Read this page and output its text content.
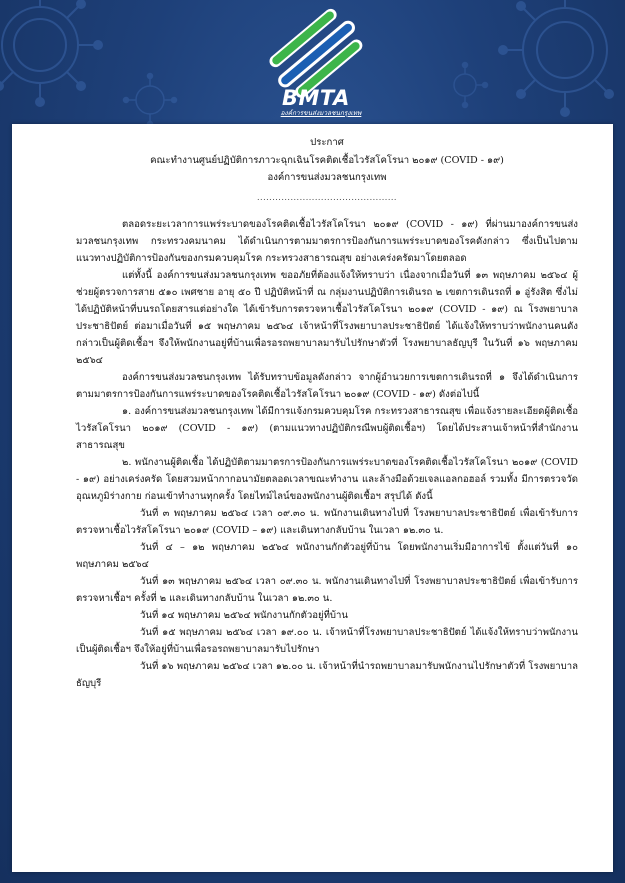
BMTA
องค์การขนส่งมวลชนกรุงเทพ
ประกาศ
คณะทำงานศูนย์ปฏิบัติการภาวะฉุกเฉินโรคติดเชื้อไวรัสโคโรนา ๒๐๑๙ (COVID - ๑๙)
องค์การขนส่งมวลชนกรุงเทพ
..............................................

ตลอดระยะเวลาการแพร่ระบาดของโรคติดเชื้อไวรัสโคโรนา ๒๐๑๙ (COVID - ๑๙) ที่ผ่านมาองค์การขนส่งมวลชนกรุงเทพ กระทรวงคมนาคม ได้ดำเนินการตามมาตรการป้องกันการแพร่ระบาดของโรคดังกล่าว ซึ่งเป็นไปตามแนวทางปฏิบัติการป้องกันของกรมควบคุมโรค กระทรวงสาธารณสุข อย่างเคร่งครัดมาโดยตลอด

แต่ทั้งนี้ องค์การขนส่งมวลชนกรุงเทพ ขออภัยที่ต้องแจ้งให้ทราบว่า เนื่องจากเมื่อวันที่ ๑๓ พฤษภาคม ๒๕๖๔ ผู้ช่วยผู้ตรวจการสาย ๕๑๐ เพศชาย อายุ ๕๐ ปี ปฏิบัติหน้าที่ ณ กลุ่มงานปฏิบัติการเดินรถ ๒ เขตการเดินรถที่ ๑ อู่รังสิต ซึ่งไม่ได้ปฏิบัติหน้าที่บนรถโดยสารแต่อย่างใด ได้เข้ารับการตรวจหาเชื้อไวรัสโคโรนา ๒๐๑๙ (COVID - ๑๙) ณ โรงพยาบาลประชาธิปัตย์ ต่อมาเมื่อวันที่ ๑๕ พฤษภาคม ๒๕๖๔ เจ้าหน้าที่โรงพยาบาลประชาธิปัตย์ ได้แจ้งให้ทราบว่าพนักงานคนดังกล่าวเป็นผู้ติดเชื้อฯ จึงให้พนักงานอยู่ที่บ้านเพื่อรอรถพยาบาลมารับไปรักษาตัวที่ โรงพยาบาลธัญบุรี ในวันที่ ๑๖ พฤษภาคม ๒๕๖๔

องค์การขนส่งมวลชนกรุงเทพ ได้รับทราบข้อมูลดังกล่าว จากผู้อำนวยการเขตการเดินรถที่ ๑ จึงได้ดำเนินการตามมาตรการป้องกันการแพร่ระบาดของโรคติดเชื้อไวรัสโคโรนา ๒๐๑๙ (COVID - ๑๙) ดังต่อไปนี้

๑. องค์การขนส่งมวลชนกรุงเทพ ได้มีการแจ้งกรมควบคุมโรค กระทรวงสาธารณสุข เพื่อแจ้งรายละเอียดผู้ติดเชื้อไวรัสโคโรนา ๒๐๑๙ (COVID - ๑๙) (ตามแนวทางปฏิบัติกรณีพบผู้ติดเชื้อฯ) โดยได้ประสานเจ้าหน้าที่สำนักงานสาธารณสุข

๒. พนักงานผู้ติดเชื้อ ได้ปฏิบัติตามมาตรการป้องกันการแพร่ระบาดของโรคติดเชื้อไวรัสโคโรนา ๒๐๑๙ (COVID - ๑๙) อย่างเคร่งครัด โดยสวมหน้ากากอนามัยตลอดเวลาขณะทำงาน และล้างมือด้วยเจลแอลกอฮอล์ รวมทั้ง มีการตรวจวัดอุณหภูมิร่างกาย ก่อนเข้าทำงานทุกครั้ง โดยไทม์ไลน์ของพนักงานผู้ติดเชื้อฯ สรุปได้ ดังนี้

วันที่ ๓ พฤษภาคม ๒๕๖๔ เวลา ๐๙.๓๐ น. พนักงานเดินทางไปที่ โรงพยาบาลประชาธิปัตย์ เพื่อเข้ารับการตรวจหาเชื้อไวรัสโคโรนา ๒๐๑๙ (COVID – ๑๙) และเดินทางกลับบ้าน ในเวลา ๑๒.๓๐ น.

วันที่ ๔ – ๑๒ พฤษภาคม ๒๕๖๔ พนักงานกักตัวอยู่ที่บ้าน โดยพนักงานเริ่มมีอาการไข้ ตั้งแต่วันที่ ๑๐ พฤษภาคม ๒๕๖๔

วันที่ ๑๓ พฤษภาคม ๒๕๖๔ เวลา ๐๙.๓๐ น. พนักงานเดินทางไปที่ โรงพยาบาลประชาธิปัตย์ เพื่อเข้ารับการตรวจหาเชื้อฯ ครั้งที่ ๒ และเดินทางกลับบ้าน ในเวลา ๑๒.๓๐ น.

วันที่ ๑๔ พฤษภาคม ๒๕๖๔ พนักงานกักตัวอยู่ที่บ้าน

วันที่ ๑๕ พฤษภาคม ๒๕๖๔ เวลา ๑๙.๐๐ น. เจ้าหน้าที่โรงพยาบาลประชาธิปัตย์ ได้แจ้งให้ทราบว่าพนักงานเป็นผู้ติดเชื้อฯ จึงให้อยู่ที่บ้านเพื่อรอรถพยาบาลมารับไปรักษา

วันที่ ๑๖ พฤษภาคม ๒๕๖๔ เวลา ๑๒.๐๐ น. เจ้าหน้าที่นำรถพยาบาลมารับพนักงานไปรักษาตัวที่ โรงพยาบาลธัญบุรี
